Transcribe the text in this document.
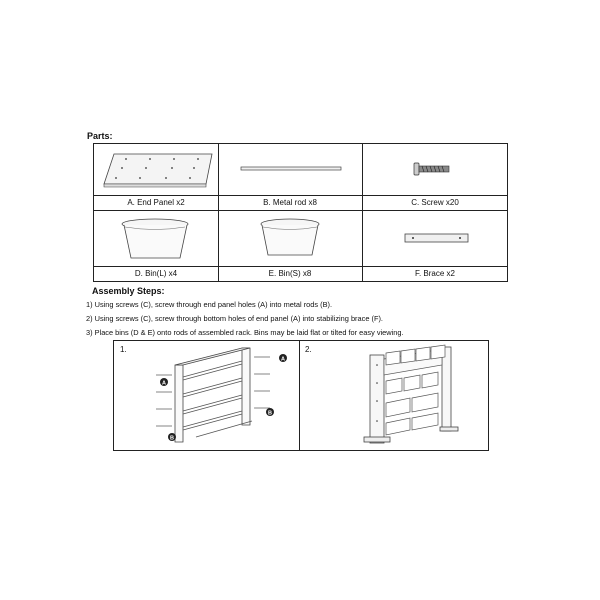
Parts:
A. End Panel x2	B. Metal rod x8	C. Screw x20
D. Bin(L) x4	E. Bin(S) x8	F. Brace x2
Assembly Steps:
1) Using screws (C), screw through end panel holes (A) into metal rods (B).
2) Using screws (C), screw through bottom holes of end panel (A) into stabilizing brace (F).
3) Place bins (D & E) onto rods of assembled rack. Bins may be laid flat or tilted for easy viewing.
1.	2.
A
A
B
B
